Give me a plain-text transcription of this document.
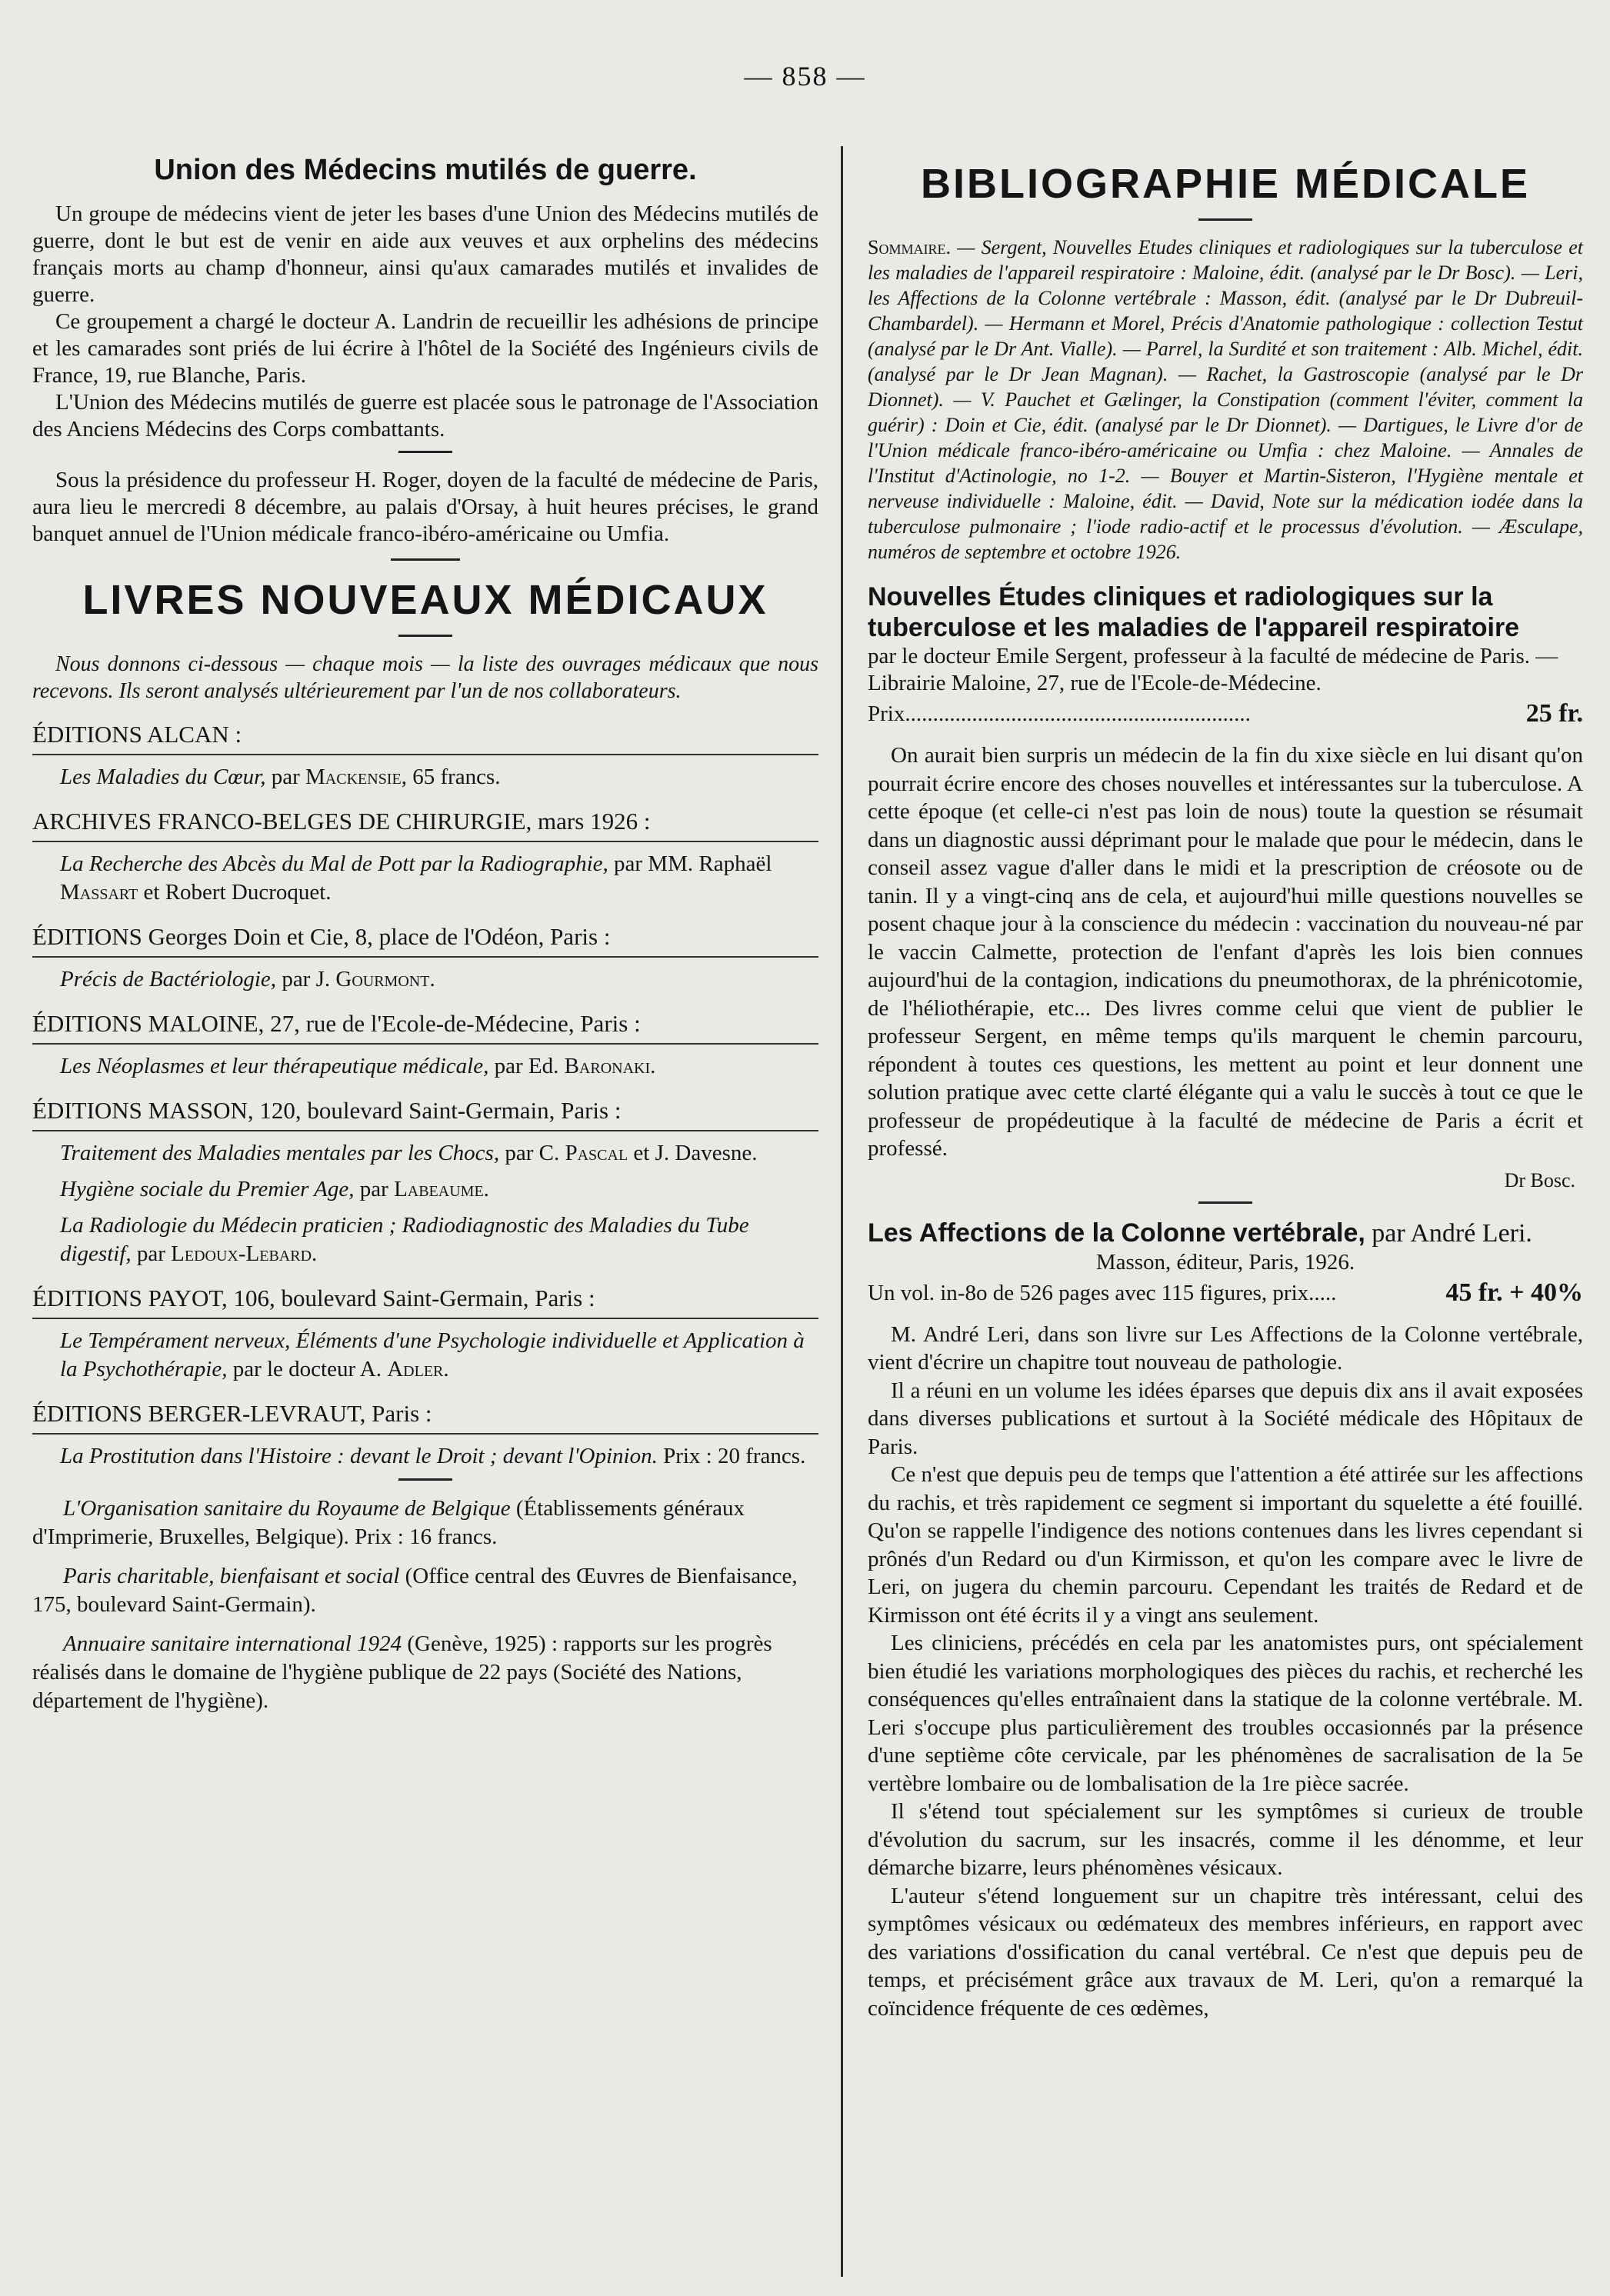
— 858 —
Union des Médecins mutilés de guerre.

Un groupe de médecins vient de jeter les bases d'une Union des Médecins mutilés de guerre, dont le but est de venir en aide aux veuves et aux orphelins des médecins français morts au champ d'honneur, ainsi qu'aux camarades mutilés et invalides de guerre.

Ce groupement a chargé le docteur A. Landrin de recueillir les adhésions de principe et les camarades sont priés de lui écrire à l'hôtel de la Société des Ingénieurs civils de France, 19, rue Blanche, Paris.

L'Union des Médecins mutilés de guerre est placée sous le patronage de l'Association des Anciens Médecins des Corps combattants.

Sous la présidence du professeur H. Roger, doyen de la faculté de médecine de Paris, aura lieu le mercredi 8 décembre, au palais d'Orsay, à huit heures précises, le grand banquet annuel de l'Union médicale franco-ibéro-américaine ou Umfia.

LIVRES NOUVEAUX MÉDICAUX

Nous donnons ci-dessous — chaque mois — la liste des ouvrages médicaux que nous recevons. Ils seront analysés ultérieurement par l'un de nos collaborateurs.

ÉDITIONS ALCAN :
Les Maladies du Cœur, par Mackensie, 65 francs.
ARCHIVES FRANCO-BELGES DE CHIRURGIE, mars 1926 :
La Recherche des Abcès du Mal de Pott par la Radiographie, par MM. Raphaël Massart et Robert Ducroquet.
ÉDITIONS Georges Doin et Cie, 8, place de l'Odéon, Paris :
Précis de Bactériologie, par J. Gourmont.
ÉDITIONS MALOINE, 27, rue de l'Ecole-de-Médecine, Paris :
Les Néoplasmes et leur thérapeutique médicale, par Ed. Baronaki.
ÉDITIONS MASSON, 120, boulevard Saint-Germain, Paris :
Traitement des Maladies mentales par les Chocs, par C. Pascal et J. Davesne.
Hygiène sociale du Premier Age, par Labeaume.
La Radiologie du Médecin praticien ; Radiodiagnostic des Maladies du Tube digestif, par Ledoux-Lebard.
ÉDITIONS PAYOT, 106, boulevard Saint-Germain, Paris :
Le Tempérament nerveux, Éléments d'une Psychologie individuelle et Application à la Psychothérapie, par le docteur A. Adler.
ÉDITIONS BERGER-LEVRAUT, Paris :
La Prostitution dans l'Histoire : devant le Droit ; devant l'Opinion. Prix : 20 francs.
L'Organisation sanitaire du Royaume de Belgique (Établissements généraux d'Imprimerie, Bruxelles, Belgique). Prix : 16 francs.
Paris charitable, bienfaisant et social (Office central des Œuvres de Bienfaisance, 175, boulevard Saint-Germain).
Annuaire sanitaire international 1924 (Genève, 1925) : rapports sur les progrès réalisés dans le domaine de l'hygiène publique de 22 pays (Société des Nations, département de l'hygiène).
BIBLIOGRAPHIE MÉDICALE
Sommaire. — Sergent, Nouvelles Etudes cliniques et radiologiques sur la tuberculose et les maladies de l'appareil respiratoire : Maloine, édit. (analysé par le Dr Bosc). — Leri, les Affections de la Colonne vertébrale : Masson, édit. (analysé par le Dr Dubreuil-Chambardel). — Hermann et Morel, Précis d'Anatomie pathologique : collection Testut (analysé par le Dr Ant. Vialle). — Parrel, la Surdité et son traitement : Alb. Michel, édit. (analysé par le Dr Jean Magnan). — Rachet, la Gastroscopie (analysé par le Dr Dionnet). — V. Pauchet et Gælinger, la Constipation (comment l'éviter, comment la guérir) : Doin et Cie, édit. (analysé par le Dr Dionnet). — Dartigues, le Livre d'or de l'Union médicale franco-ibéro-américaine ou Umfia : chez Maloine. — Annales de l'Institut d'Actinologie, no 1-2. — Bouyer et Martin-Sisteron, l'Hygiène mentale et nerveuse individuelle : Maloine, édit. — David, Note sur la médication iodée dans la tuberculose pulmonaire ; l'iode radio-actif et le processus d'évolution. — Æsculape, numéros de septembre et octobre 1926.
Nouvelles Études cliniques et radiologiques sur la tuberculose et les maladies de l'appareil respiratoire
par le docteur Emile Sergent, professeur à la faculté de médecine de Paris. — Librairie Maloine, 27, rue de l'Ecole-de-Médecine.
Prix..............................................................	25 fr.

On aurait bien surpris un médecin de la fin du xixe siècle en lui disant qu'on pourrait écrire encore des choses nouvelles et intéressantes sur la tuberculose. A cette époque (et celle-ci n'est pas loin de nous) toute la question se résumait dans un diagnostic aussi déprimant pour le malade que pour le médecin, dans le conseil assez vague d'aller dans le midi et la prescription de créosote ou de tanin. Il y a vingt-cinq ans de cela, et aujourd'hui mille questions nouvelles se posent chaque jour à la conscience du médecin : vaccination du nouveau-né par le vaccin Calmette, protection de l'enfant d'après les lois bien connues aujourd'hui de la contagion, indications du pneumothorax, de la phrénicotomie, de l'héliothérapie, etc... Des livres comme celui que vient de publier le professeur Sergent, en même temps qu'ils marquent le chemin parcouru, répondent à toutes ces questions, les mettent au point et leur donnent une solution pratique avec cette clarté élégante qui a valu le succès à tout ce que le professeur de propédeutique à la faculté de médecine de Paris a écrit et professé.

Dr Bosc.
Les Affections de la Colonne vertébrale, par André Leri.
Masson, éditeur, Paris, 1926.
Un vol. in-8o de 526 pages avec 115 figures, prix.....	45 fr. + 40%

M. André Leri, dans son livre sur Les Affections de la Colonne vertébrale, vient d'écrire un chapitre tout nouveau de pathologie.

Il a réuni en un volume les idées éparses que depuis dix ans il avait exposées dans diverses publications et surtout à la Société médicale des Hôpitaux de Paris.

Ce n'est que depuis peu de temps que l'attention a été attirée sur les affections du rachis, et très rapidement ce segment si important du squelette a été fouillé. Qu'on se rappelle l'indigence des notions contenues dans les livres cependant si prônés d'un Redard ou d'un Kirmisson, et qu'on les compare avec le livre de Leri, on jugera du chemin parcouru. Cependant les traités de Redard et de Kirmisson ont été écrits il y a vingt ans seulement.

Les cliniciens, précédés en cela par les anatomistes purs, ont spécialement bien étudié les variations morphologiques des pièces du rachis, et recherché les conséquences qu'elles entraînaient dans la statique de la colonne vertébrale. M. Leri s'occupe plus particulièrement des troubles occasionnés par la présence d'une septième côte cervicale, par les phénomènes de sacralisation de la 5e vertèbre lombaire ou de lombalisation de la 1re pièce sacrée.

Il s'étend tout spécialement sur les symptômes si curieux de trouble d'évolution du sacrum, sur les insacrés, comme il les dénomme, et leur démarche bizarre, leurs phénomènes vésicaux.

L'auteur s'étend longuement sur un chapitre très intéressant, celui des symptômes vésicaux ou œdémateux des membres inférieurs, en rapport avec des variations d'ossification du canal vertébral. Ce n'est que depuis peu de temps, et précisément grâce aux travaux de M. Leri, qu'on a remarqué la coïncidence fréquente de ces œdèmes,
